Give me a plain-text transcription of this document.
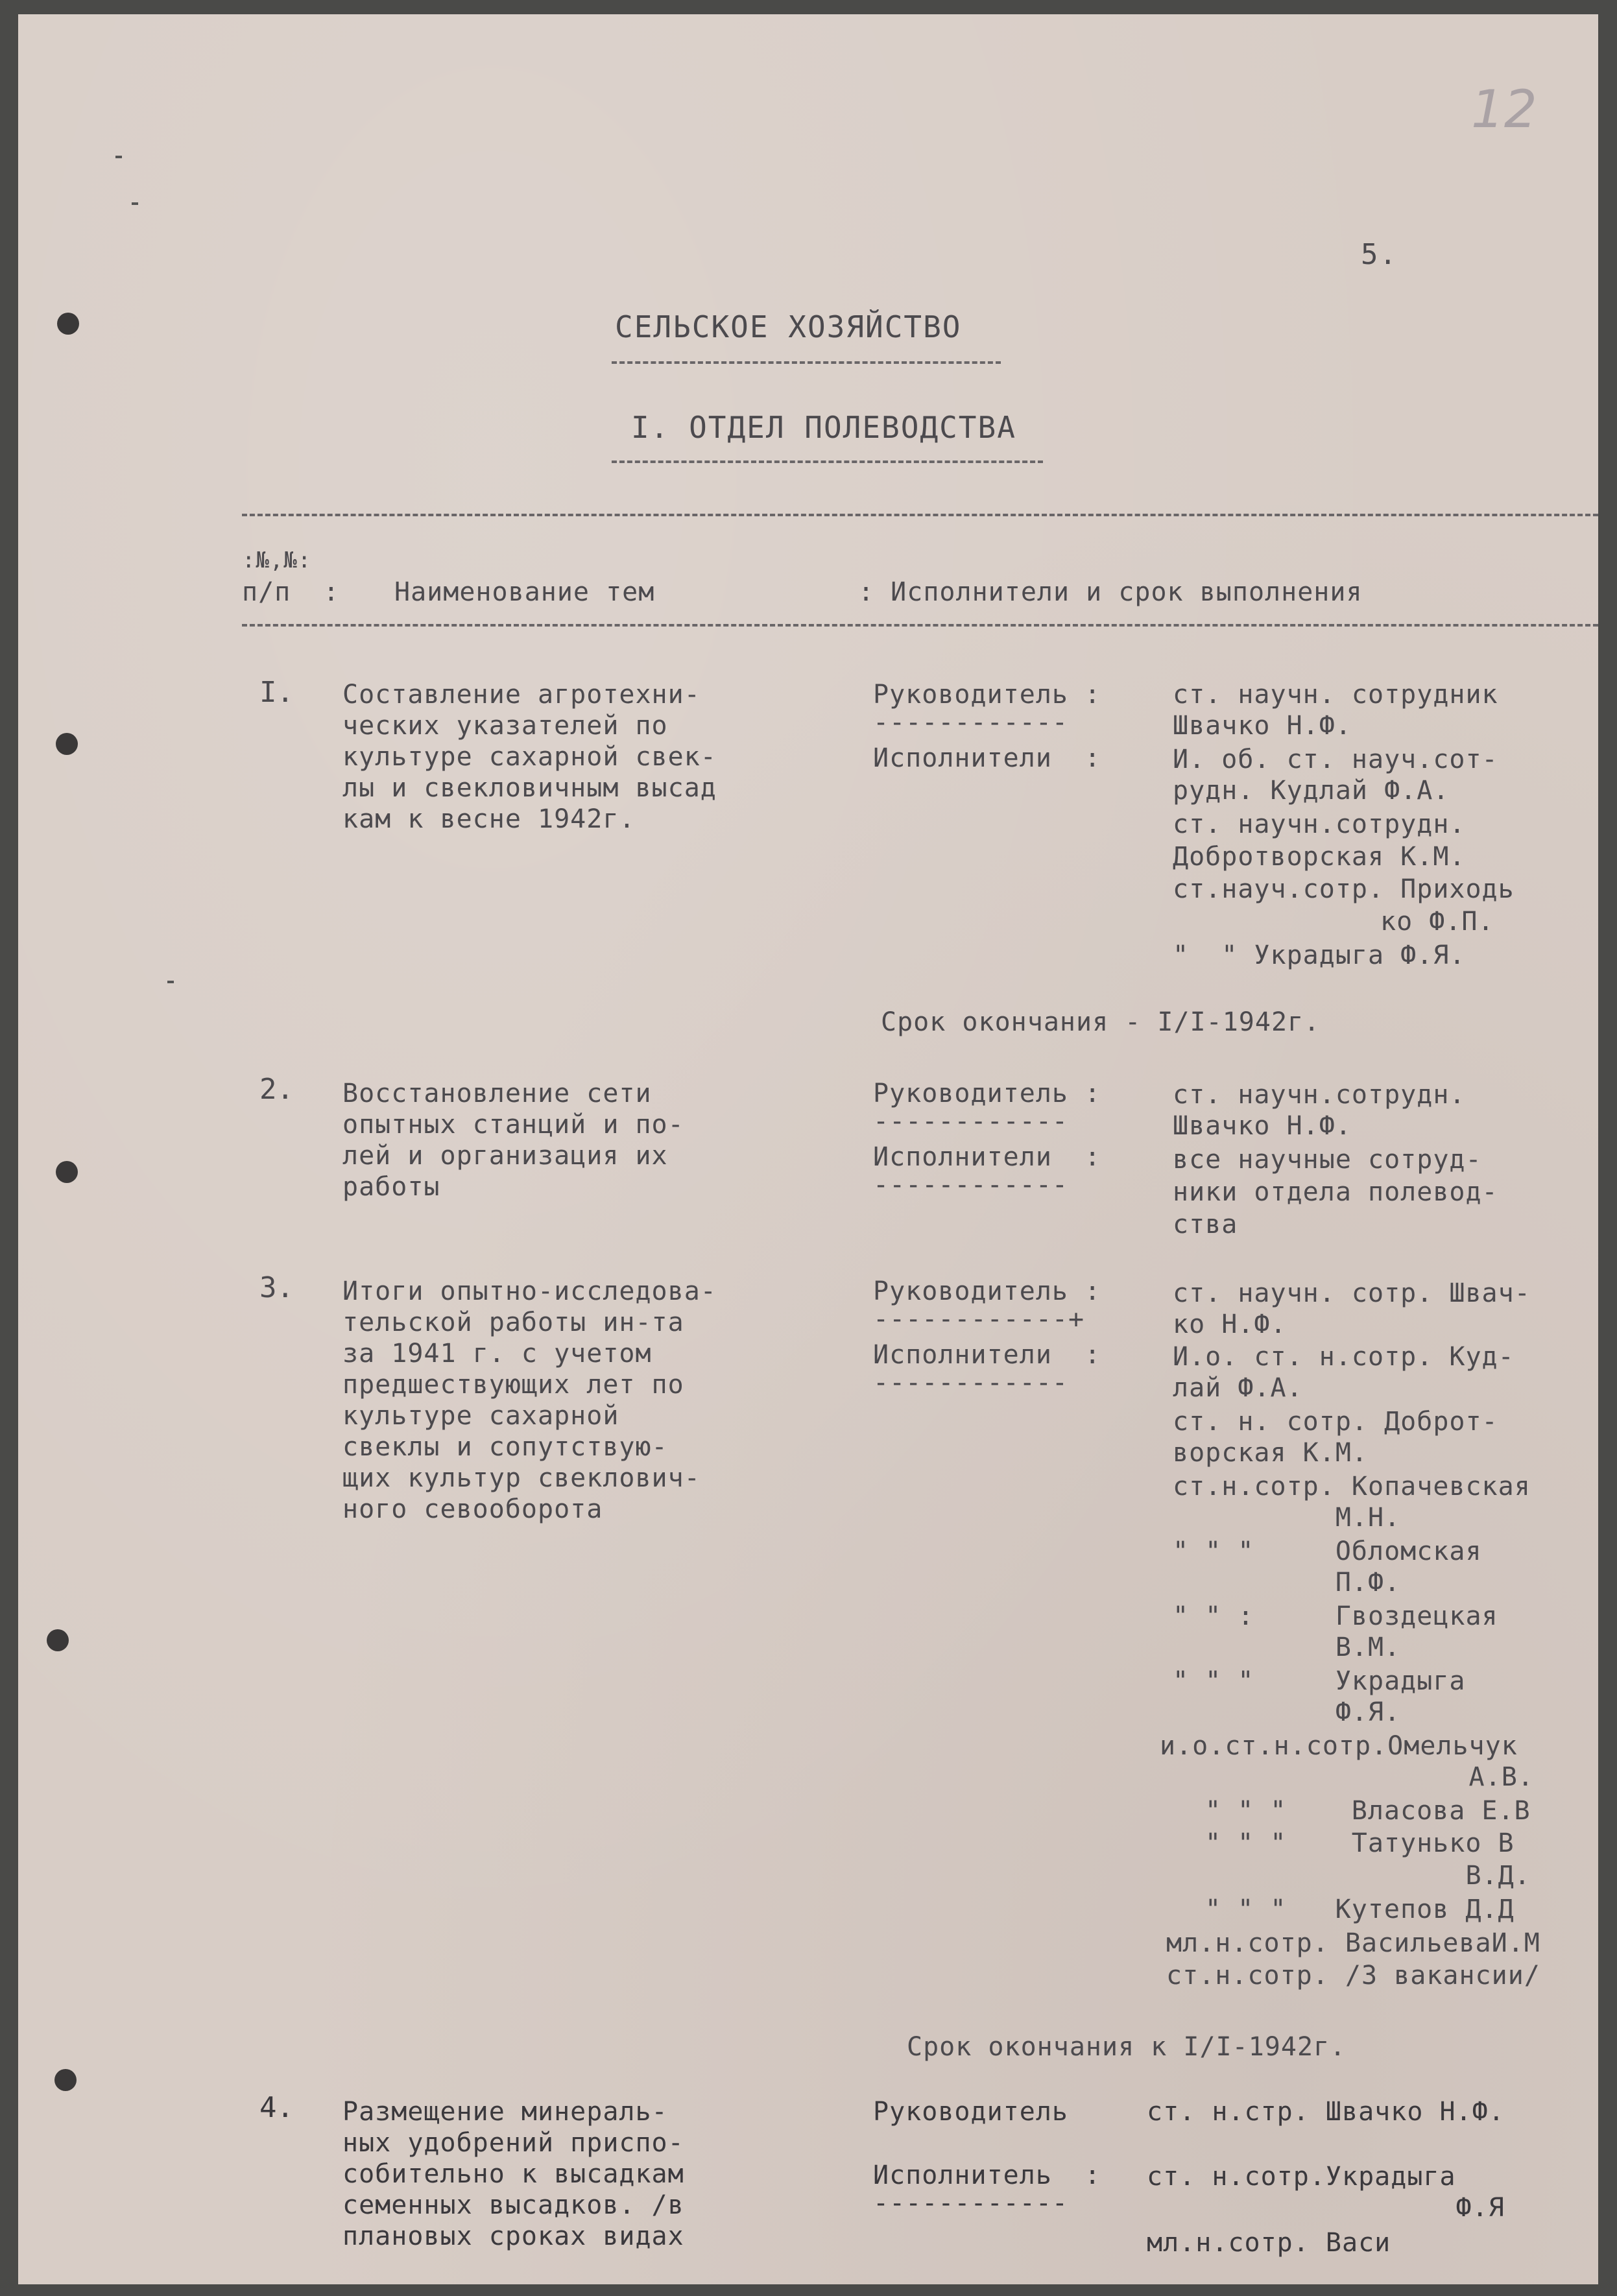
12
5.
СЕЛЬСКОЕ ХОЗЯЙСТВО
I. ОТДЕЛ ПОЛЕВОДСТВА
:№,№:
п/п  : Наименование тем	: Исполнители и срок выполнения
I. Составление агротехни-
ческих указателей по
культуре сахарной свек-
лы и свекловичным высад
кам к весне 1942г.
Руководитель :
------------
Исполнители  :
ст. научн. сотрудник
Швачко Н.Ф.
И. об. ст. науч.сот-
рудн. Кудлай Ф.А.
ст. научн.сотрудн.
Добротворская К.М.
ст.науч.сотр. Приходь
ко Ф.П.
"  " Украдыга Ф.Я.
Срок окончания - I/I-1942г.
2. Восстановление сети
опытных станций и по-
лей и организация их
работы
Руководитель :
------------
Исполнители  :
------------
ст. научн.сотрудн.
Швачко Н.Ф.
все научные сотруд-
ники отдела полевод-
ства
3. Итоги опытно-исследова-
тельской работы ин-та
за 1941 г. с учетом
предшествующих лет по
культуре сахарной
свеклы и сопутствую-
щих культур свеклович-
ного севооборота
Руководитель :
------------+
Исполнители  :
------------
ст. научн. сотр. Швач-
ко Н.Ф.
И.о. ст. н.сотр. Куд-
лай Ф.А.
ст. н. сотр. Доброт-
ворская К.М.
ст.н.сотр. Копачевская
М.Н.
" " "     Обломская
П.Ф.
" " :     Гвоздецкая
В.М.
" " "     Украдыга
Ф.Я.
и.о.ст.н.сотр.Омельчук
А.В.
" " "    Власова Е.В
" " "    Татунько В
В.Д.
" " "   Кутепов Д.Д
мл.н.сотр. ВасильеваИ.М
ст.н.сотр. /3 вакансии/
Срок окончания к I/I-1942г.
4. Размещение минераль-
ных удобрений приспо-
собительно к высадкам
семенных высадков. /в
плановых сроках видах
Руководитель
Исполнитель  :
------------
ст. н.стр. Швачко Н.Ф.
ст. н.сотр.Украдыга
Ф.Я
мл.н.сотр. Васи
